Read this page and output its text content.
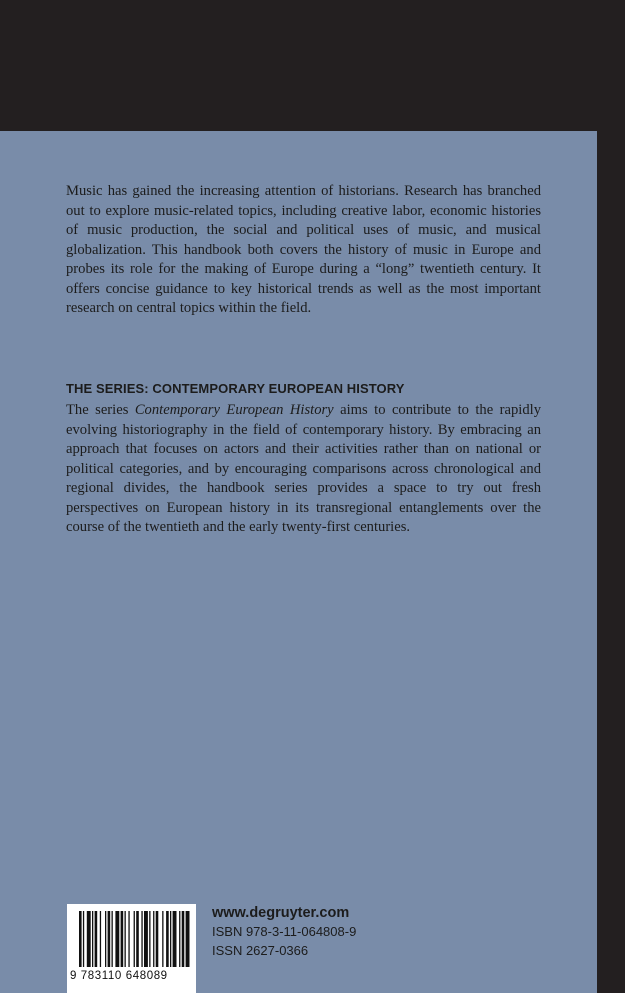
Music has gained the increasing attention of historians. Research has branched out to explore music-related topics, including creative labor, economic histories of music production, the social and political uses of music, and musical globalization. This handbook both covers the history of music in Europe and probes its role for the making of Europe during a “long” twentieth century. It offers concise guidance to key historical trends as well as the most important research on central topics within the field.

THE SERIES: CONTEMPORARY EUROPEAN HISTORY

The series Contemporary European History aims to contribute to the rapidly evolving historiography in the field of contemporary history. By embracing an approach that focuses on actors and their activities rather than on national or political categories, and by encouraging comparisons across chronological and regional divides, the handbook series provides a space to try out fresh perspectives on European history in its transregional entanglements over the course of the twentieth and the early twenty-first centuries.

9 783110 648089
www.degruyter.com
ISBN 978-3-11-064808-9
ISSN 2627-0366
